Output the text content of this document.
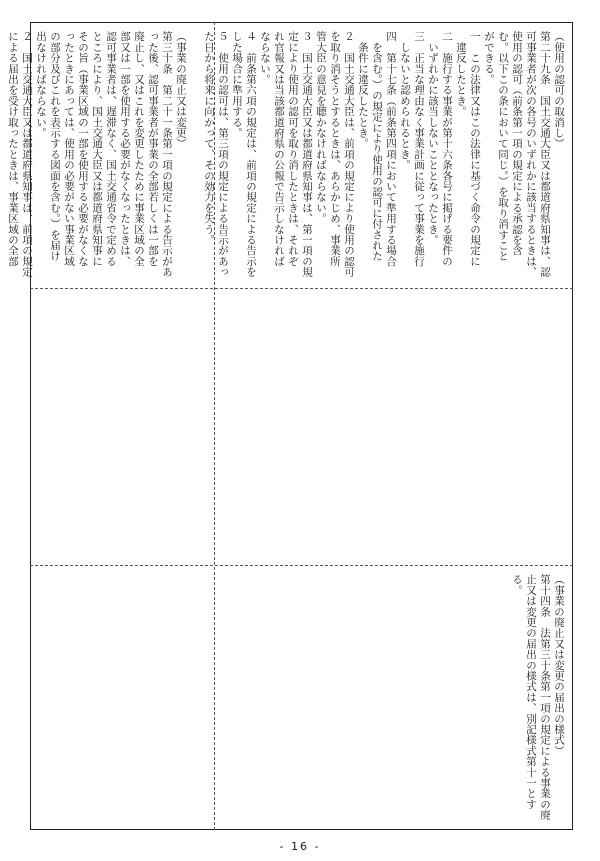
（使用の認可の取消し）
第二十九条　国土交通大臣又は都道府県知事は、認
可事業者が次の各号のいずれかに該当するときは、
使用の認可（前条第一項の規定による承認を含
む。以下この条において同じ。）を取り消すこと
ができる。
一　この法律又はこの法律に基づく命令の規定に
　違反したとき。
二　施行する事業が第十六条各号に掲げる要件の
　いずれかに該当しないこととなったとき。
三　正当な理由なく事業計画に従って事業を施行
　しないと認められるとき。
四　第十七条（前条第四項において準用する場合
　を含む。）の規定により使用の認可に付された
　条件に違反したとき。
２　国土交通大臣は、前項の規定により使用の認可
を取り消そうとするときは、あらかじめ、事業所
管大臣の意見を聴かなければならない。
３　国土交通大臣又は都道府県知事は、第一項の規
定により使用の認可を取り消したときは、それぞ
れ官報又は当該都道府県の公報で告示しなければ
ならない。
４　前条第六項の規定は、前項の規定による告示を
した場合に準用する。
５　使用の認可は、第三項の規定による告示があっ
た日から将来に向かって、その効力を失う。

（事業の廃止又は変更）
第三十条　第二十一条第一項の規定による告示があ
った後、認可事業者が事業の全部若しくは一部を
廃止し、又はこれを変更したために事業区域の全
部又は一部を使用する必要がなくなったときは、
認可事業者は、遅滞なく、国土交通省令で定める
ところにより、国土交通大臣又は都道府県知事に
その旨（事業区域の一部を使用する必要がなくな
ったときにあっては、使用の必要がない事業区域
の部分及びこれを表示する図面を含む。）を届け
出なければならない。
２　国土交通大臣又は都道府県知事は、前項の規定
による届出を受け取ったときは、事業区域の全部
（事業の廃止又は変更の届出の様式）
第十四条　法第三十条第一項の規定による事業の廃
止又は変更の届出の様式は、別記様式第十一とす
る。
- 16 -
